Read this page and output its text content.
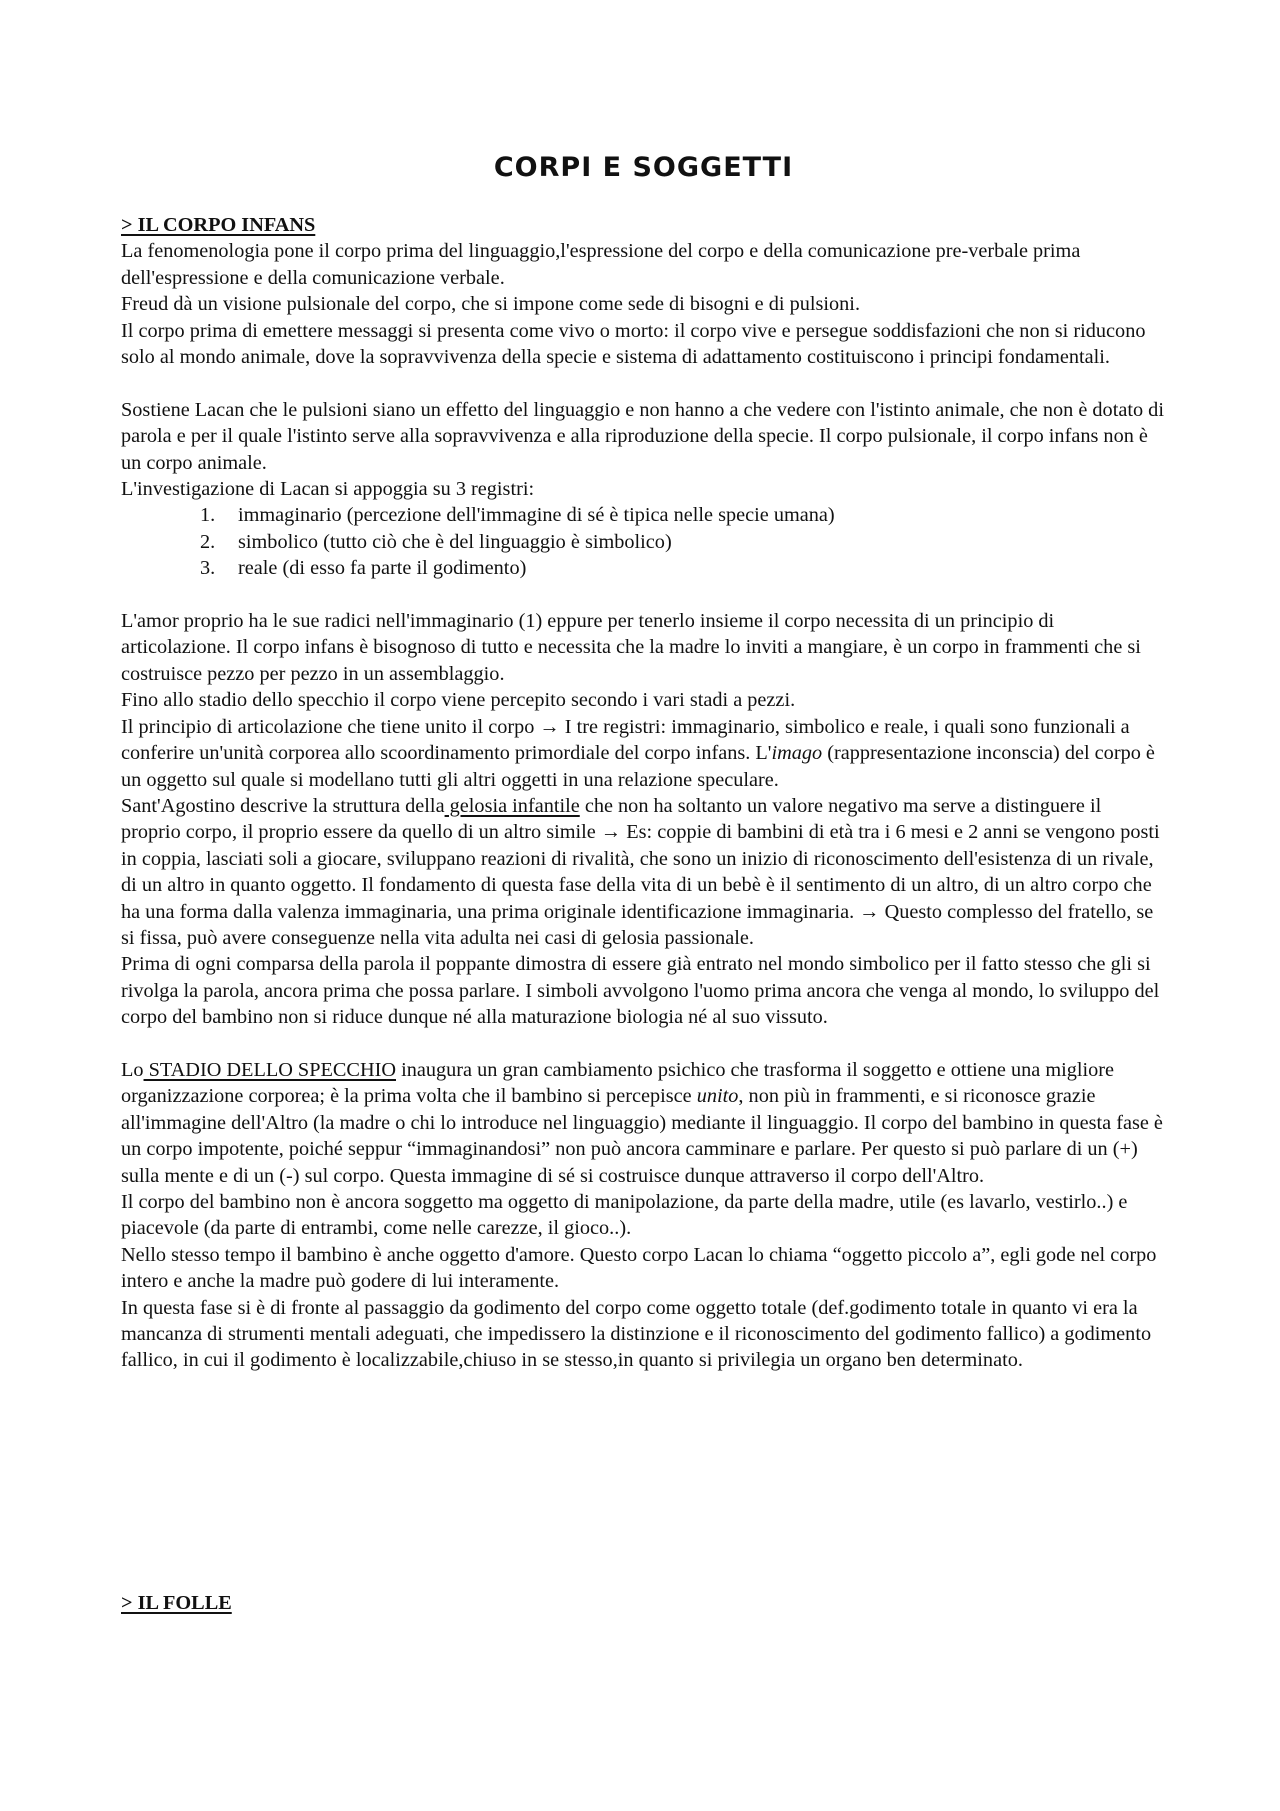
CORPI E SOGGETTI

> IL CORPO INFANS

La fenomenologia pone il corpo prima del linguaggio,l'espressione del corpo e della comunicazione pre-verbale prima dell'espressione e della comunicazione verbale.

Freud dà un visione pulsionale del corpo, che si impone come sede di bisogni e di pulsioni.

Il corpo prima di emettere messaggi si presenta come vivo o morto: il corpo vive e persegue soddisfazioni che non si riducono solo al mondo animale, dove la sopravvivenza della specie e sistema di adattamento costituiscono i principi fondamentali.

Sostiene Lacan che le pulsioni siano un effetto del linguaggio e non hanno a che vedere con l'istinto animale, che non è dotato di parola e per il quale l'istinto serve alla sopravvivenza e alla riproduzione della specie. Il corpo pulsionale, il corpo infans non è un corpo animale.

L'investigazione di Lacan si appoggia su 3 registri:

1.	immaginario (percezione dell'immagine di sé è tipica nelle specie umana)
2.	simbolico (tutto ciò che è del linguaggio è simbolico)
3.	reale (di esso fa parte il godimento)

L'amor proprio ha le sue radici nell'immaginario (1) eppure per tenerlo insieme il corpo necessita di un principio di articolazione. Il corpo infans è bisognoso di tutto e necessita che la madre lo inviti a mangiare, è un corpo in frammenti che si costruisce pezzo per pezzo in un assemblaggio.

Fino allo stadio dello specchio il corpo viene percepito secondo i vari stadi a pezzi.

Il principio di articolazione che tiene unito il corpo → I tre registri: immaginario, simbolico e reale, i quali sono funzionali a conferire un'unità corporea allo scoordinamento primordiale del corpo infans. L'imago (rappresentazione inconscia) del corpo è un oggetto sul quale si modellano tutti gli altri oggetti in una relazione speculare.

Sant'Agostino descrive la struttura della gelosia infantile che non ha soltanto un valore negativo ma serve a distinguere il proprio corpo, il proprio essere da quello di un altro simile → Es: coppie di bambini di età tra i 6 mesi e 2 anni se vengono posti in coppia, lasciati soli a giocare, sviluppano reazioni di rivalità, che sono un inizio di riconoscimento dell'esistenza di un rivale, di un altro in quanto oggetto. Il fondamento di questa fase della vita di un bebè è il sentimento di un altro, di un altro corpo che ha una forma dalla valenza immaginaria, una prima originale identificazione immaginaria. → Questo complesso del fratello, se si fissa, può avere conseguenze nella vita adulta nei casi di gelosia passionale.

Prima di ogni comparsa della parola il poppante dimostra di essere già entrato nel mondo simbolico per il fatto stesso che gli si rivolga la parola, ancora prima che possa parlare. I simboli avvolgono l'uomo prima ancora che venga al mondo, lo sviluppo del corpo del bambino non si riduce dunque né alla maturazione biologia né al suo vissuto.

Lo STADIO DELLO SPECCHIO inaugura un gran cambiamento psichico che trasforma il soggetto e ottiene una migliore organizzazione corporea; è la prima volta che il bambino si percepisce unito, non più in frammenti, e si riconosce grazie all'immagine dell'Altro (la madre o chi lo introduce nel linguaggio) mediante il linguaggio. Il corpo del bambino in questa fase è un corpo impotente, poiché seppur “immaginandosi” non può ancora camminare e parlare. Per questo si può parlare di un (+) sulla mente e di un (-) sul corpo. Questa immagine di sé si costruisce dunque attraverso il corpo dell'Altro.

Il corpo del bambino non è ancora soggetto ma oggetto di manipolazione, da parte della madre, utile (es lavarlo, vestirlo..) e piacevole (da parte di entrambi, come nelle carezze, il gioco..).

Nello stesso tempo il bambino è anche oggetto d'amore. Questo corpo Lacan lo chiama “oggetto piccolo a”, egli gode nel corpo intero e anche la madre può godere di lui interamente.

In questa fase si è di fronte al passaggio da godimento del corpo come oggetto totale (def.godimento totale in quanto vi era la mancanza di strumenti mentali adeguati, che impedissero la distinzione e il riconoscimento del godimento fallico) a godimento fallico, in cui il godimento è localizzabile,chiuso in se stesso,in quanto si privilegia un organo ben determinato.

> IL FOLLE
